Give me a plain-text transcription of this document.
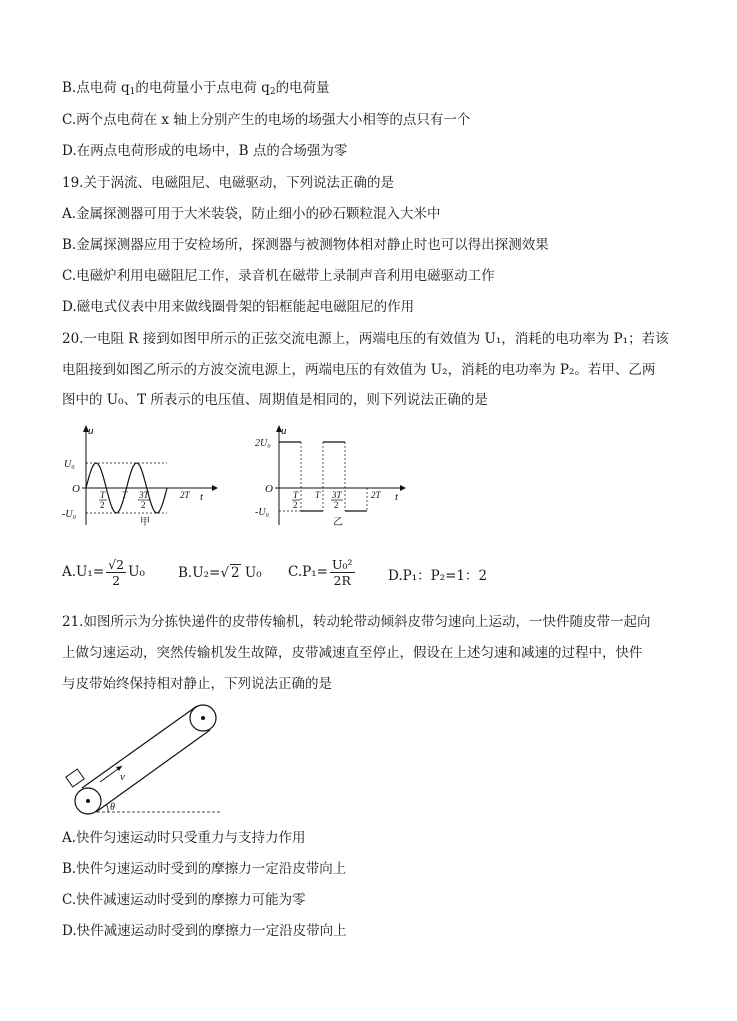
B.点电荷 $q_1$的电荷量小于点电荷 $q_2$的电荷量
C.两个点电荷在 x 轴上分别产生的电场的场强大小相等的点只有一个
D.在两点电荷形成的电场中，B 点的合场强为零
19.关于涡流、电磁阻尼、电磁驱动，下列说法正确的是
A.金属探测器可用于大米装袋，防止细小的砂石颗粒混入大米中
B.金属探测器应用于安检场所，探测器与被测物体相对静止时也可以得出探测效果
C.电磁炉利用电磁阻尼工作，录音机在磁带上录制声音利用电磁驱动工作
D.磁电式仪表中用来做线圈骨架的铝框能起电磁阻尼的作用
20.一电阻 R 接到如图甲所示的正弦交流电源上，两端电压的有效值为 U₁，消耗的电功率为 P₁；若该
电阻接到如图乙所示的方波交流电源上，两端电压的有效值为 U₂，消耗的电功率为 P₂。若甲、乙两
图中的 U₀、T 所表示的电压值、周期值是相同的，则下列说法正确的是
u
t
O
U₀
-U₀
T
2
T 3T
2
2T
甲
u
t
O
2U₀
-U₀
T
2
T 3T
2
2T
乙
$A.U_1= \frac{√2}{2} U_0$ B.U₂=√ 2 U₀ $C.P_1= \frac{\text{U₀²}}{2R} D.P_1$：P₂=1：2
21.如图所示为分拣快递件的皮带传输机，转动轮带动倾斜皮带匀速向上运动，一快件随皮带一起向
上做匀速运动，突然传输机发生故障，皮带减速直至停止，假设在上述匀速和减速的过程中，快件
与皮带始终保持相对静止，下列说法正确的是
v
θ
A.快件匀速运动时只受重力与支持力作用
B.快件匀速运动时受到的摩擦力一定沿皮带向上
C.快件减速运动时受到的摩擦力可能为零
D.快件减速运动时受到的摩擦力一定沿皮带向上
